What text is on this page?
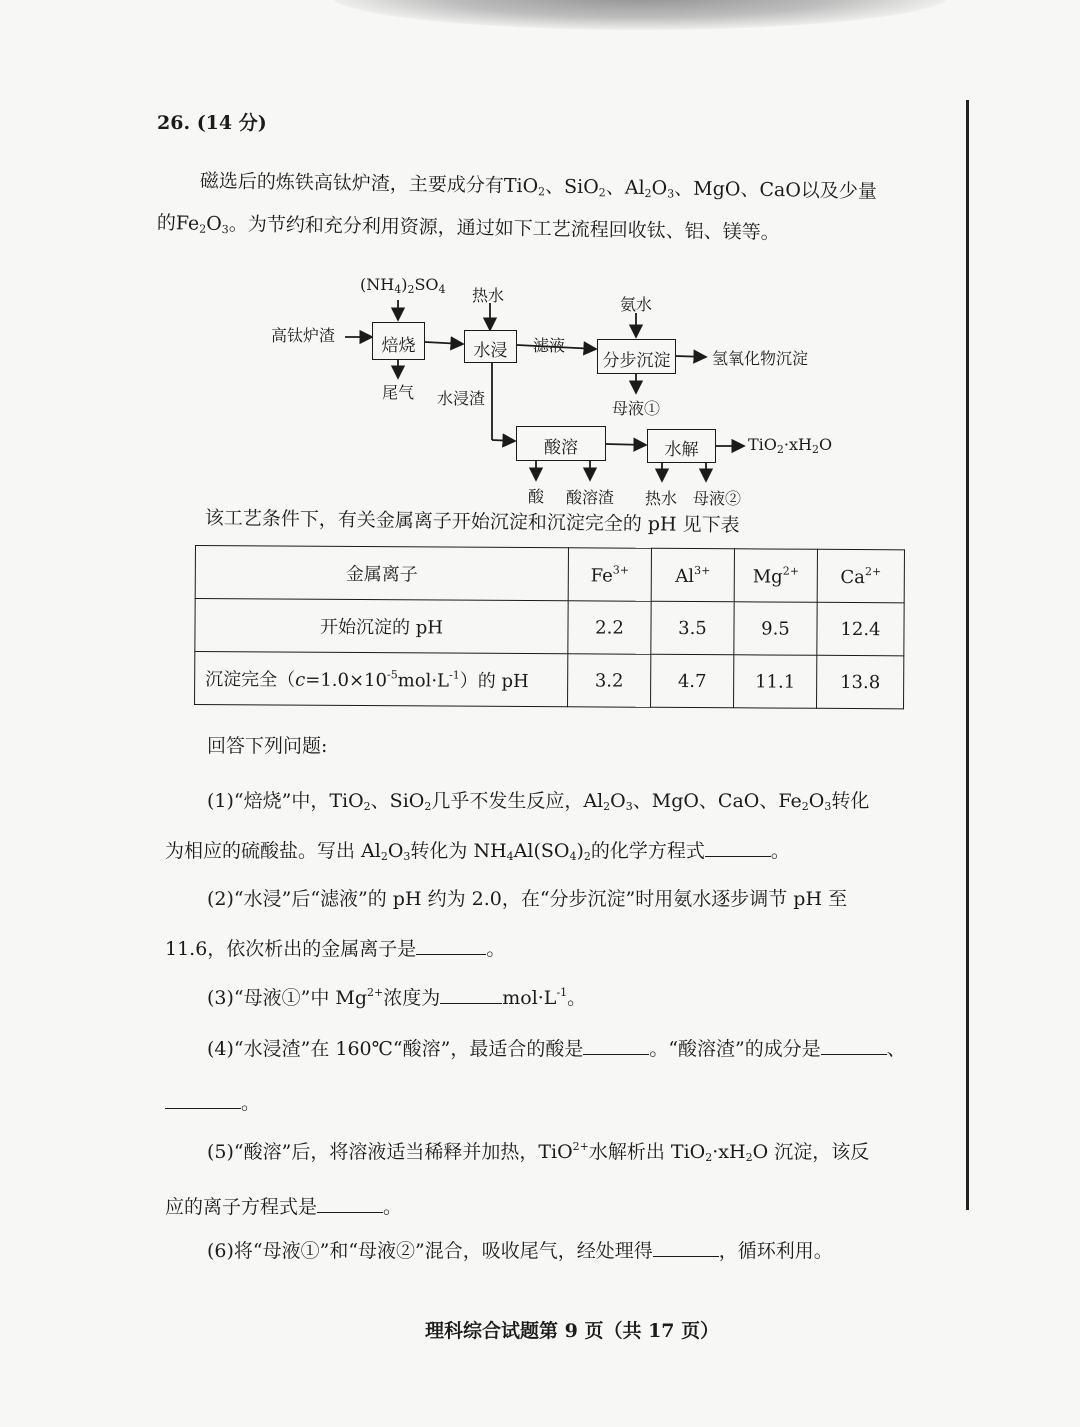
26. (14 分)
磁选后的炼铁高钛炉渣，主要成分有TiO$_2$、SiO$_2$、$Al_2O_3$、MgO、CaO以及少量
的$Fe_2O_3$。为节约和充分利用资源，通过如下工艺流程回收钛、铝、镁等。
$(NH_4)_2SO_4$ 热水	氨水
高钛炉渣
焙烧	水浸	滤液
分步沉淀	氢氧化物沉淀
尾气 水浸渣
母液①
酸溶	水解	$TiO_2\cdot xH_2O$
酸 酸溶渣 热水 母液②
该工艺条件下，有关金属离子开始沉淀和沉淀完全的 pH 见下表
金属离子	$Fe^{3+}$	$Al^{3+}$	$Mg^{2+}$	$Ca^{2+}$
开始沉淀的 pH	2.2	3.5	9.5	12.4
沉淀完全$(c=1.0\times 10^{-5}mol\cdot L^{-1})$的 pH	3.2	4.7	11.1	13.8
回答下列问题:
(1)“焙烧”中，TiO$_2$、SiO$_2$几乎不发生反应，$Al_2O_3$、MgO、CaO、$Fe_2O_3$转化
为相应的硫酸盐。写出 $Al_2O_3$转化为 $NH_4Al(SO_4)_2$的化学方程式	。
(2)“水浸”后“滤液”的 pH 约为 2.0，在“分步沉淀”时用氨水逐步调节 pH 至
11.6，依次析出的金属离子是	。
(3)“母液①”中 $Mg^{2+}$浓度为	$mol\cdot L^{-1}$。
(4)“水浸渣”在 160℃“酸溶”，最适合的酸是	。“酸溶渣”的成分是	、
。
(5)“酸溶”后，将溶液适当稀释并加热，TiO$^{2+}$水解析出 $TiO_2\cdot xH_2O$ 沉淀，该反
应的离子方程式是	。
(6)将“母液①”和“母液②”混合，吸收尾气，经处理得	，循环利用。
理科综合试题第 9 页（共 17 页）
